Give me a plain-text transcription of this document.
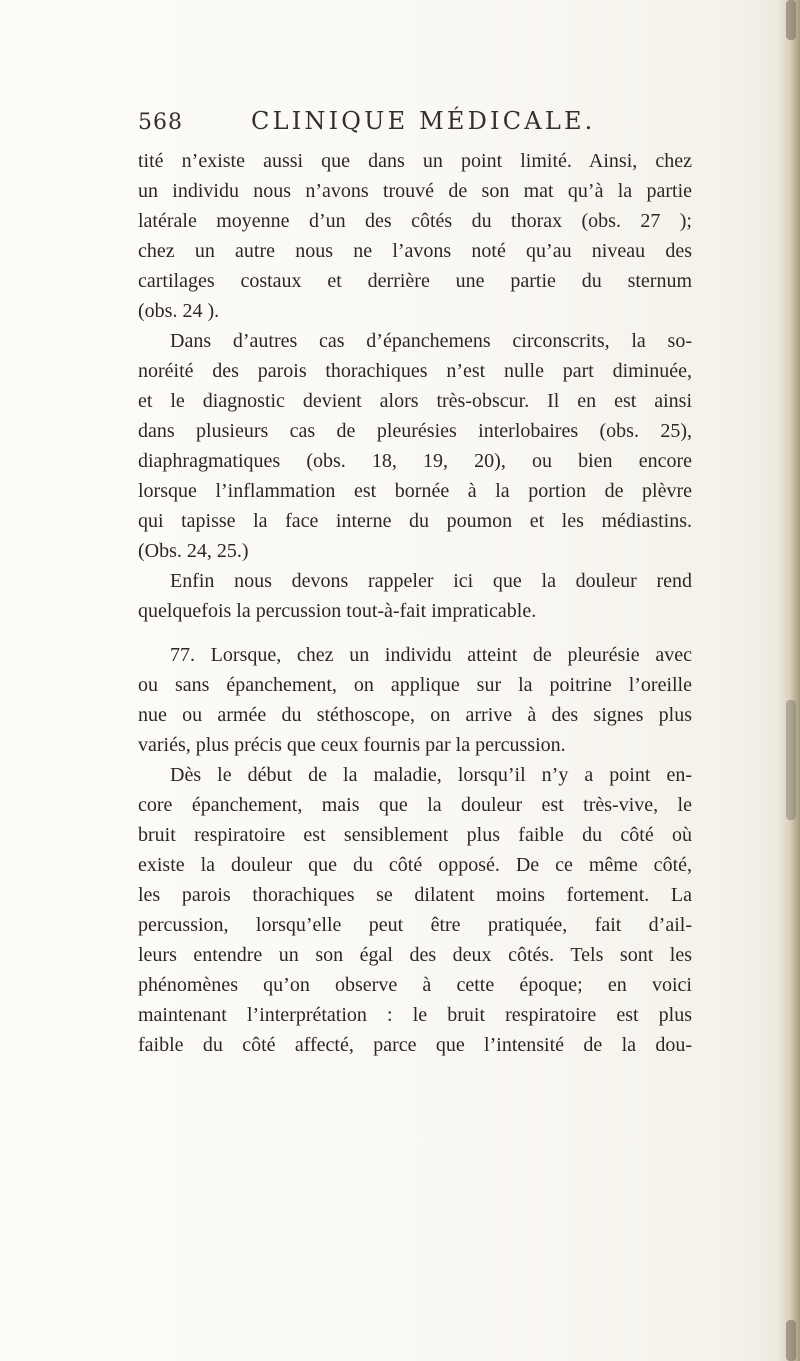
568	CLINIQUE MÉDICALE.
tité n’existe aussi que dans un point limité. Ainsi, chez
un individu nous n’avons trouvé de son mat qu’à la partie
latérale moyenne d’un des côtés du thorax (obs. 27 );
chez un autre nous ne l’avons noté qu’au niveau des
cartilages costaux et derrière une partie du sternum
(obs. 24 ).
Dans d’autres cas d’épanchemens circonscrits, la so-
noréité des parois thorachiques n’est nulle part diminuée,
et le diagnostic devient alors très-obscur. Il en est ainsi
dans plusieurs cas de pleurésies interlobaires (obs. 25),
diaphragmatiques (obs. 18, 19, 20), ou bien encore
lorsque l’inflammation est bornée à la portion de plèvre
qui tapisse la face interne du poumon et les médiastins.
(Obs. 24, 25.)
Enfin nous devons rappeler ici que la douleur rend
quelquefois la percussion tout-à-fait impraticable.
77. Lorsque, chez un individu atteint de pleurésie avec
ou sans épanchement, on applique sur la poitrine l’oreille
nue ou armée du stéthoscope, on arrive à des signes plus
variés, plus précis que ceux fournis par la percussion.
Dès le début de la maladie, lorsqu’il n’y a point en-
core épanchement, mais que la douleur est très-vive, le
bruit respiratoire est sensiblement plus faible du côté où
existe la douleur que du côté opposé. De ce même côté,
les parois thorachiques se dilatent moins fortement. La
percussion, lorsqu’elle peut être pratiquée, fait d’ail-
leurs entendre un son égal des deux côtés. Tels sont les
phénomènes qu’on observe à cette époque; en voici
maintenant l’interprétation : le bruit respiratoire est plus
faible du côté affecté, parce que l’intensité de la dou-
